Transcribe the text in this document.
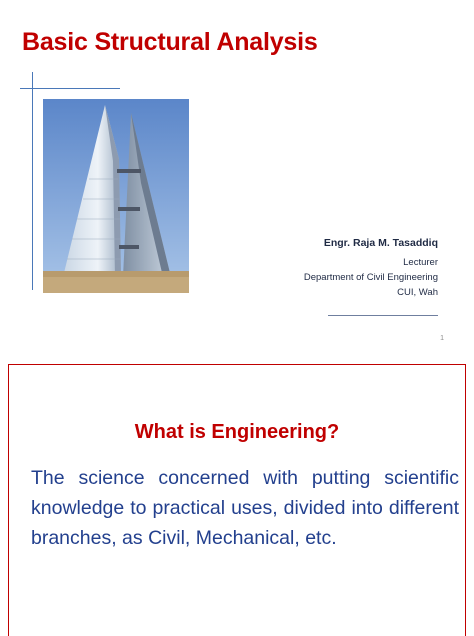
Basic Structural Analysis
Engr. Raja M. Tasaddiq
Lecturer
Department of Civil Engineering
CUI, Wah
1
What is Engineering?
The science concerned with putting scientific knowledge to practical uses, divided into different branches, as Civil, Mechanical, etc.
